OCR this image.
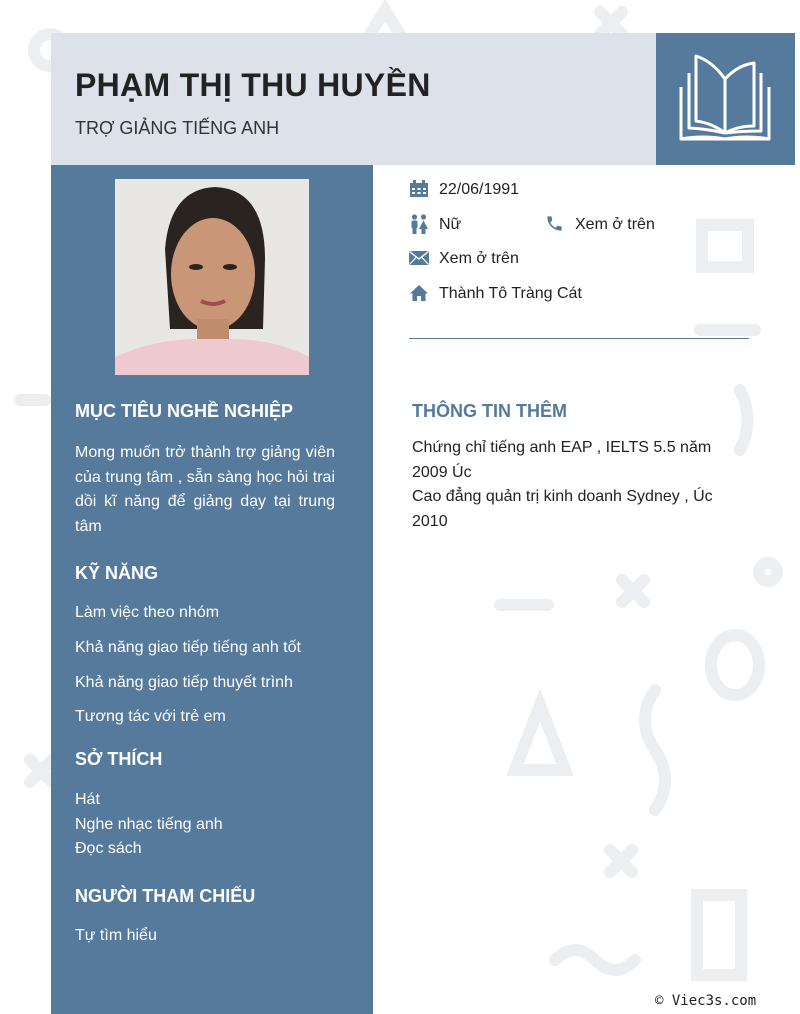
PHẠM THỊ THU HUYỀN
TRỢ GIẢNG TIẾNG ANH
MỤC TIÊU NGHỀ NGHIỆP
Mong muốn trở thành trợ giảng viên của trung tâm , sẵn sàng học hỏi trai dồi kĩ năng để giảng dạy tại trung tâm
KỸ NĂNG
Làm việc theo nhóm
Khả năng giao tiếp tiếng anh tốt
Khả năng giao tiếp thuyết trình
Tương tác với trẻ em
SỞ THÍCH
Hát
Nghe nhạc tiếng anh
Đọc sách
NGƯỜI THAM CHIẾU
Tự tìm hiểu
22/06/1991
Nữ	Xem ở trên
Xem ở trên
Thành Tô Tràng Cát
THÔNG TIN THÊM
Chứng chỉ tiếng anh EAP , IELTS 5.5 năm 2009 Úc
Cao đẳng quản trị kinh doanh Sydney , Úc 2010
© Viec3s.com
